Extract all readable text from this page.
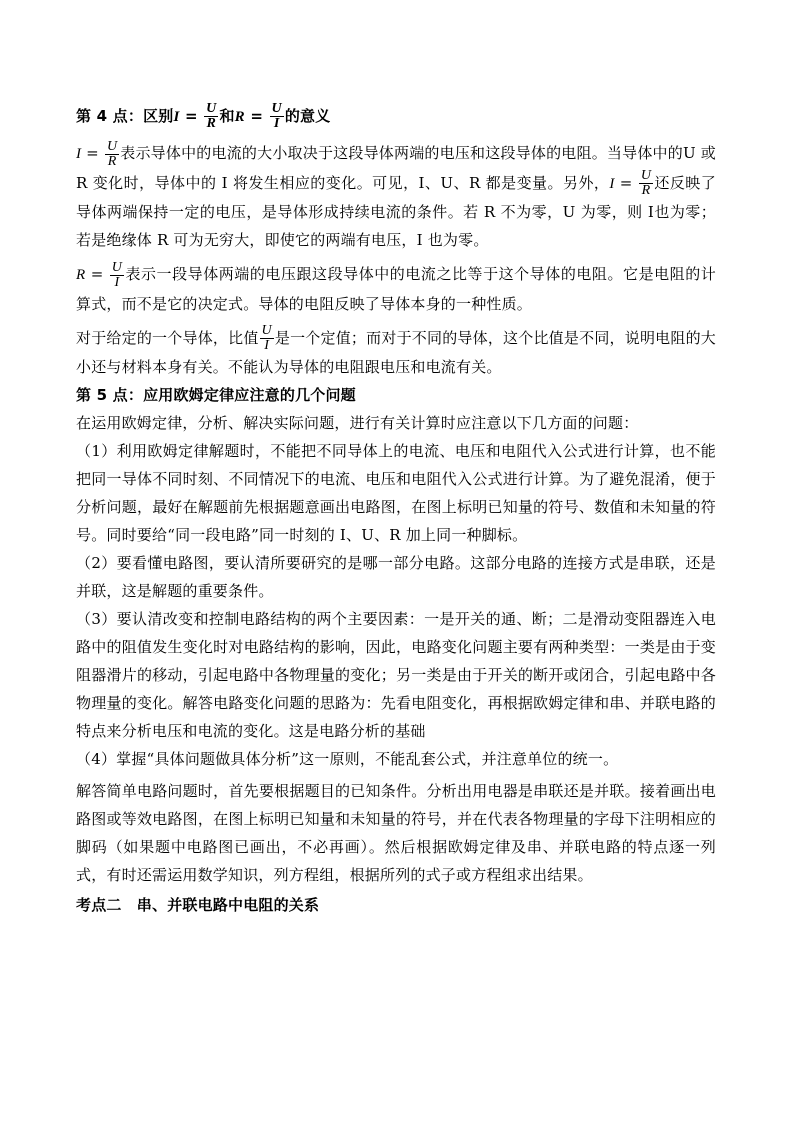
第 4 点：区别$I = \frac{U}{R}$ 和$R = \frac{U}{I}$ 的意义

$I = \frac{U}{R}$ 表示导体中的电流的大小取决于这段导体两端的电压和这段导体的电阻。当导体中的U 或 R 变化时，导体中的 I 将发生相应的变化。可见，I、U、R 都是变量。另外，$I = \frac{U}{R}$ 还反映了导体两端保持一定的电压，是导体形成持续电流的条件。若 R 不为零，U 为零，则 I也为零；若是绝缘体 R 可为无穷大，即使它的两端有电压，I 也为零。

$R = \frac{U}{I}$ 表示一段导体两端的电压跟这段导体中的电流之比等于这个导体的电阻。它是电阻的计算式，而不是它的决定式。导体的电阻反映了导体本身的一种性质。

对于给定的一个导体，比值 $\frac{U}{I}$ 是一个定值；而对于不同的导体，这个比值是不同，说明电阻的大小还与材料本身有关。不能认为导体的电阻跟电压和电流有关。

第 5 点：应用欧姆定律应注意的几个问题

在运用欧姆定律，分析、解决实际问题，进行有关计算时应注意以下几方面的问题：

（1）利用欧姆定律解题时，不能把不同导体上的电流、电压和电阻代入公式进行计算，也不能把同一导体不同时刻、不同情况下的电流、电压和电阻代入公式进行计算。为了避免混淆，便于分析问题，最好在解题前先根据题意画出电路图，在图上标明已知量的符号、数值和未知量的符号。同时要给“同一段电路”同一时刻的 I、U、R 加上同一种脚标。

（2）要看懂电路图，要认清所要研究的是哪一部分电路。这部分电路的连接方式是串联，还是并联，这是解题的重要条件。

（3）要认清改变和控制电路结构的两个主要因素：一是开关的通、断；二是滑动变阻器连入电路中的阻值发生变化时对电路结构的影响，因此，电路变化问题主要有两种类型：一类是由于变阻器滑片的移动，引起电路中各物理量的变化；另一类是由于开关的断开或闭合，引起电路中各物理量的变化。解答电路变化问题的思路为：先看电阻变化，再根据欧姆定律和串、并联电路的特点来分析电压和电流的变化。这是电路分析的基础

（4）掌握“具体问题做具体分析”这一原则，不能乱套公式，并注意单位的统一。

解答简单电路问题时，首先要根据题目的已知条件。分析出用电器是串联还是并联。接着画出电路图或等效电路图，在图上标明已知量和未知量的符号，并在代表各物理量的字母下注明相应的脚码（如果题中电路图已画出，不必再画）。然后根据欧姆定律及串、并联电路的特点逐一列式，有时还需运用数学知识，列方程组，根据所列的式子或方程组求出结果。

考点二　串、并联电路中电阻的关系
